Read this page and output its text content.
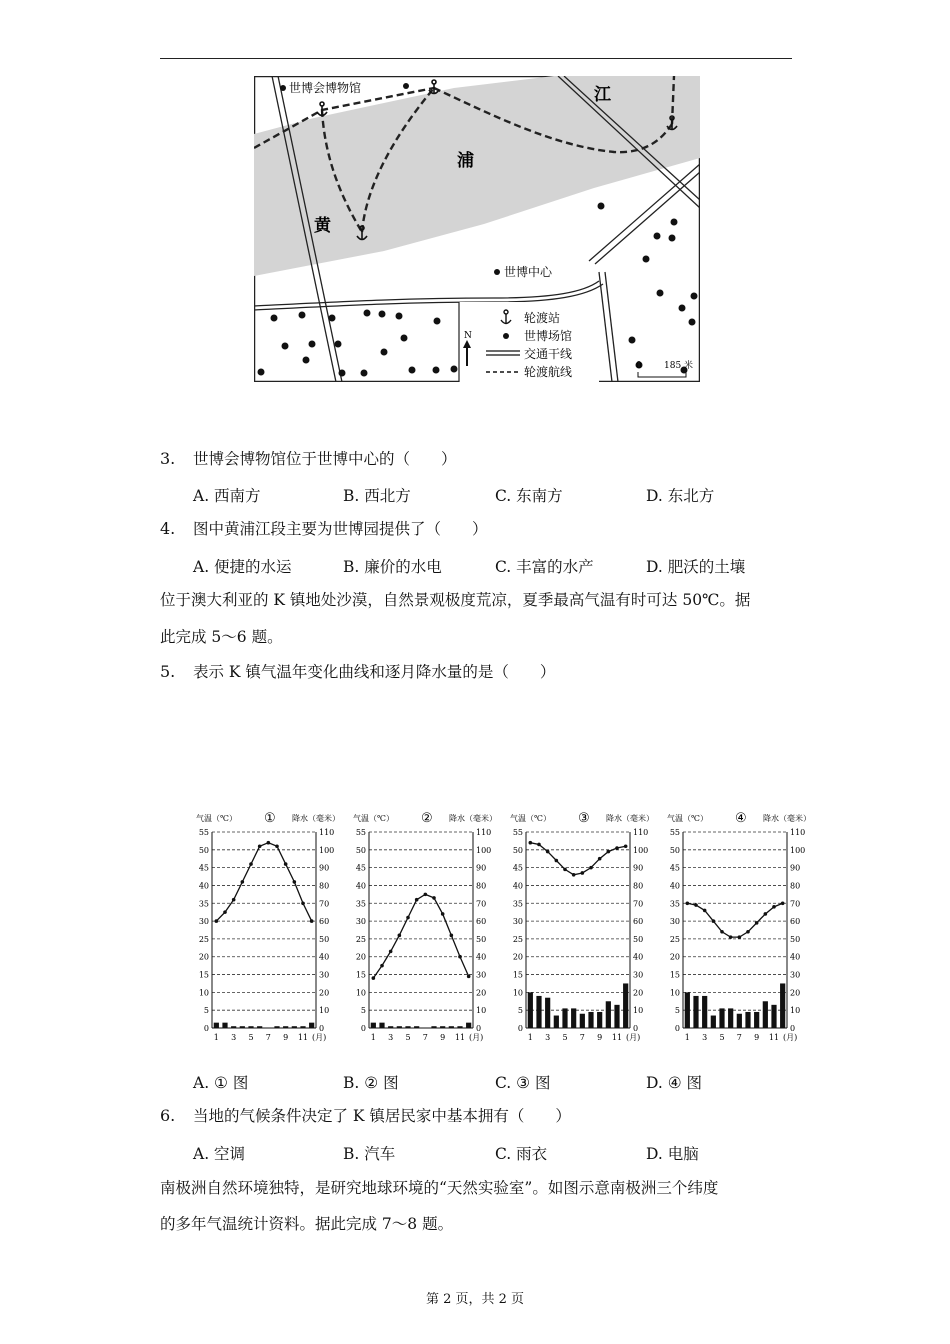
世博会博物馆	江
浦
黄
世博中心
N
轮渡站
世博场馆
交通干线
轮渡航线	0 185 米
3. 世博会博物馆位于世博中心的（　　）
A. 西南方	B. 西北方	C. 东南方	D. 东北方
4. 图中黄浦江段主要为世博园提供了（　　）
A. 便捷的水运	B. 廉价的水电	C. 丰富的水产	D. 肥沃的土壤
位于澳大利亚的 K 镇地处沙漠，自然景观极度荒凉，夏季最高气温有时可达 50℃。据
此完成 5～6 题。
5. 表示 K 镇气温年变化曲线和逐月降水量的是（　　）
气温（℃） ① 降水（毫米）
55
50
45
40
35
30
25
20
15
10
5
0
110
100
90
80
70
60
50
40
30
20
10
0
1 3 5 7 9 11 (月)
气温（℃） ② 降水（毫米）
55
50
45
40
35
30
25
20
15
10
5
0
110
100
90
80
70
60
50
40
30
20
10
0
1 3 5 7 9 11 (月)
气温（℃） ③ 降水（毫米）
55
50
45
40
35
30
25
20
15
10
5
0
110
100
90
80
70
60
50
40
30
20
10
0
1 3 5 7 9 11 (月)
气温（℃） ④ 降水（毫米）
55
50
45
40
35
30
25
20
15
10
5
0
110
100
90
80
70
60
50
40
30
20
10
0
1 3 5 7 9 11 (月)
A. ① 图	B. ② 图	C. ③ 图	D. ④ 图
6. 当地的气候条件决定了 K 镇居民家中基本拥有（　　）
A. 空调	B. 汽车	C. 雨衣	D. 电脑
南极洲自然环境独特，是研究地球环境的“天然实验室”。如图示意南极洲三个纬度
的多年气温统计资料。据此完成 7～8 题。
第 2 页，共 2 页
